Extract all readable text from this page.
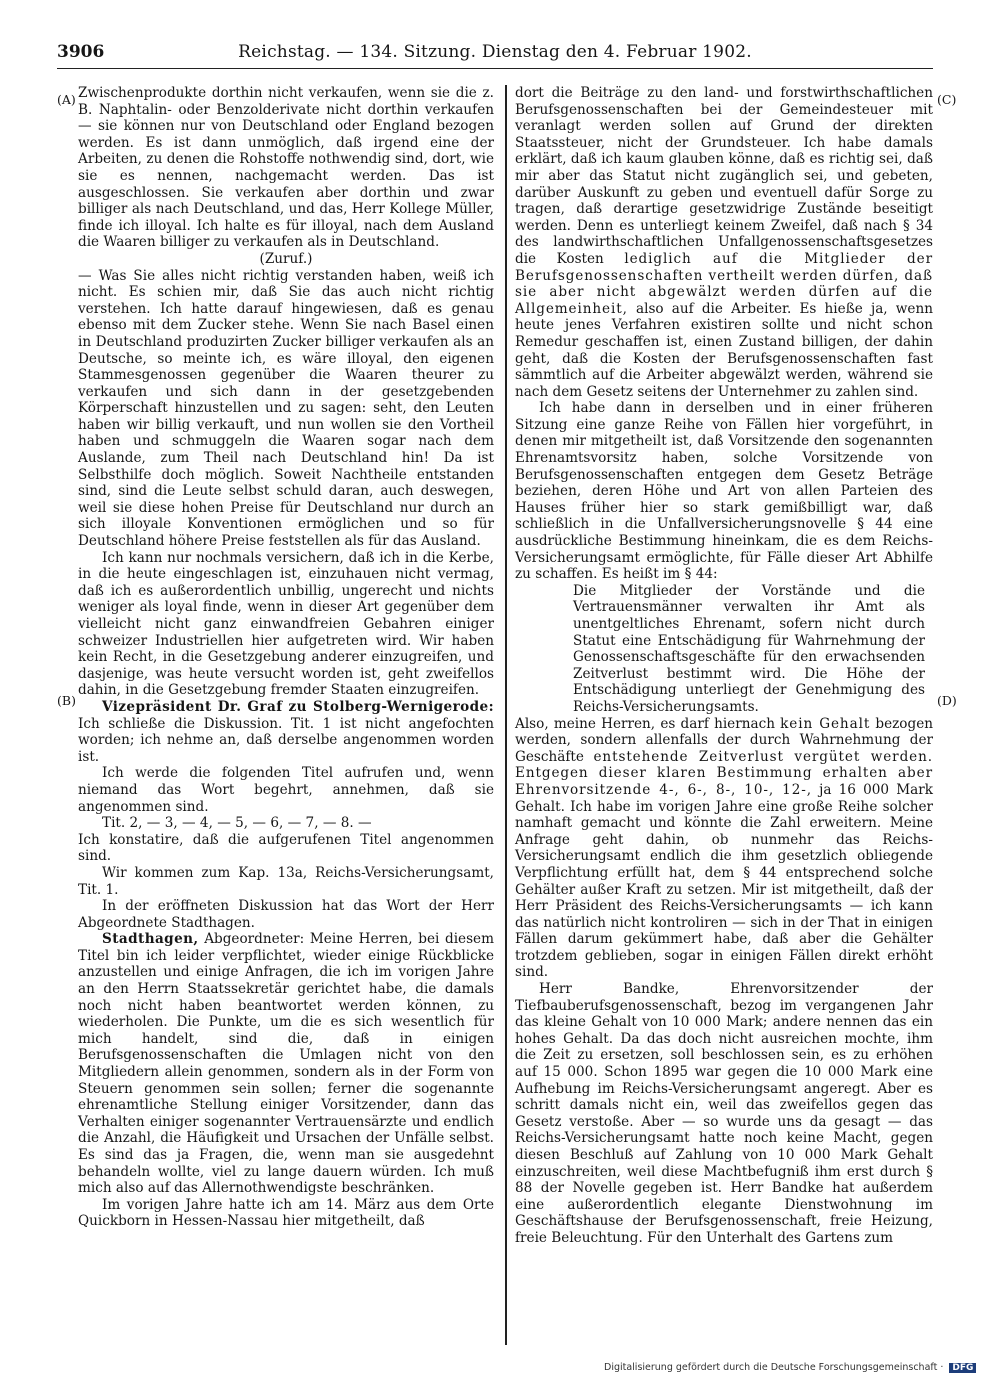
3906	Reichstag. — 134. Sitzung. Dienstag den 4. Februar 1902.
(A)
(B)
(C)
(D)

Zwischenprodukte dorthin nicht verkaufen, wenn sie die z. B. Naphtalin- oder Benzolderivate nicht dorthin verkaufen — sie können nur von Deutschland oder England bezogen werden. Es ist dann unmöglich, daß irgend eine der Arbeiten, zu denen die Rohstoffe nothwendig sind, dort, wie sie es nennen, nachgemacht werden. Das ist ausgeschlossen. Sie verkaufen aber dorthin und zwar billiger als nach Deutschland, und das, Herr Kollege Müller, finde ich illoyal. Ich halte es für illoyal, nach dem Ausland die Waaren billiger zu verkaufen als in Deutschland.

(Zuruf.)

— Was Sie alles nicht richtig verstanden haben, weiß ich nicht. Es schien mir, daß Sie das auch nicht richtig verstehen. Ich hatte darauf hingewiesen, daß es genau ebenso mit dem Zucker stehe. Wenn Sie nach Basel einen in Deutschland produzirten Zucker billiger verkaufen als an Deutsche, so meinte ich, es wäre illoyal, den eigenen Stammesgenossen gegenüber die Waaren theurer zu verkaufen und sich dann in der gesetzgebenden Körperschaft hinzustellen und zu sagen: seht, den Leuten haben wir billig verkauft, und nun wollen sie den Vortheil haben und schmuggeln die Waaren sogar nach dem Auslande, zum Theil nach Deutschland hin! Da ist Selbsthilfe doch möglich. Soweit Nachtheile entstanden sind, sind die Leute selbst schuld daran, auch deswegen, weil sie diese hohen Preise für Deutschland nur durch an sich illoyale Konventionen ermöglichen und so für Deutschland höhere Preise feststellen als für das Ausland.

Ich kann nur nochmals versichern, daß ich in die Kerbe, in die heute eingeschlagen ist, einzuhauen nicht vermag, daß ich es außerordentlich unbillig, ungerecht und nichts weniger als loyal finde, wenn in dieser Art gegenüber dem vielleicht nicht ganz einwandfreien Gebahren einiger schweizer Industriellen hier aufgetreten wird. Wir haben kein Recht, in die Gesetzgebung anderer einzugreifen, und dasjenige, was heute versucht worden ist, geht zweifellos dahin, in die Gesetzgebung fremder Staaten einzugreifen.

Vizepräsident Dr. Graf zu Stolberg-Wernigerode: Ich schließe die Diskussion. Tit. 1 ist nicht angefochten worden; ich nehme an, daß derselbe angenommen worden ist.

Ich werde die folgenden Titel aufrufen und, wenn niemand das Wort begehrt, annehmen, daß sie angenommen sind.

Tit. 2, — 3, — 4, — 5, — 6, — 7, — 8. —

Ich konstatire, daß die aufgerufenen Titel angenommen sind.

Wir kommen zum Kap. 13a, Reichs-Versicherungsamt, Tit. 1.

In der eröffneten Diskussion hat das Wort der Herr Abgeordnete Stadthagen.

Stadthagen, Abgeordneter: Meine Herren, bei diesem Titel bin ich leider verpflichtet, wieder einige Rückblicke anzustellen und einige Anfragen, die ich im vorigen Jahre an den Herrn Staatssekretär gerichtet habe, die damals noch nicht haben beantwortet werden können, zu wiederholen. Die Punkte, um die es sich wesentlich für mich handelt, sind die, daß in einigen Berufsgenossenschaften die Umlagen nicht von den Mitgliedern allein genommen, sondern als in der Form von Steuern genommen sein sollen; ferner die sogenannte ehrenamtliche Stellung einiger Vorsitzender, dann das Verhalten einiger sogenannter Vertrauensärzte und endlich die Anzahl, die Häufigkeit und Ursachen der Unfälle selbst. Es sind das ja Fragen, die, wenn man sie ausgedehnt behandeln wollte, viel zu lange dauern würden. Ich muß mich also auf das Allernothwendigste beschränken.

Im vorigen Jahre hatte ich am 14. März aus dem Orte Quickborn in Hessen-Nassau hier mitgetheilt, daß

dort die Beiträge zu den land- und forstwirthschaftlichen Berufsgenossenschaften bei der Gemeindesteuer mit veranlagt werden sollen auf Grund der direkten Staatssteuer, nicht der Grundsteuer. Ich habe damals erklärt, daß ich kaum glauben könne, daß es richtig sei, daß mir aber das Statut nicht zugänglich sei, und gebeten, darüber Auskunft zu geben und eventuell dafür Sorge zu tragen, daß derartige gesetzwidrige Zustände beseitigt werden. Denn es unterliegt keinem Zweifel, daß nach § 34 des landwirthschaftlichen Unfallgenossenschaftsgesetzes die Kosten lediglich auf die Mitglieder der Berufsgenossenschaften vertheilt werden dürfen, daß sie aber nicht abgewälzt werden dürfen auf die Allgemeinheit, also auf die Arbeiter. Es hieße ja, wenn heute jenes Verfahren existiren sollte und nicht schon Remedur geschaffen ist, einen Zustand billigen, der dahin geht, daß die Kosten der Berufsgenossenschaften fast sämmtlich auf die Arbeiter abgewälzt werden, während sie nach dem Gesetz seitens der Unternehmer zu zahlen sind.

Ich habe dann in derselben und in einer früheren Sitzung eine ganze Reihe von Fällen hier vorgeführt, in denen mir mitgetheilt ist, daß Vorsitzende den sogenannten Ehrenamtsvorsitz haben, solche Vorsitzende von Berufsgenossenschaften entgegen dem Gesetz Beträge beziehen, deren Höhe und Art von allen Parteien des Hauses früher hier so stark gemißbilligt war, daß schließlich in die Unfallversicherungsnovelle § 44 eine ausdrückliche Bestimmung hineinkam, die es dem Reichs-Versicherungsamt ermöglichte, für Fälle dieser Art Abhilfe zu schaffen. Es heißt im § 44:

Die Mitglieder der Vorstände und die Vertrauensmänner verwalten ihr Amt als unentgeltliches Ehrenamt, sofern nicht durch Statut eine Entschädigung für Wahrnehmung der Genossenschaftsgeschäfte für den erwachsenden Zeitverlust bestimmt wird. Die Höhe der Entschädigung unterliegt der Genehmigung des Reichs-Versicherungsamts.

Also, meine Herren, es darf hiernach kein Gehalt bezogen werden, sondern allenfalls der durch Wahrnehmung der Geschäfte entstehende Zeitverlust vergütet werden. Entgegen dieser klaren Bestimmung erhalten aber Ehrenvorsitzende 4-, 6-, 8-, 10-, 12-, ja 16 000 Mark Gehalt. Ich habe im vorigen Jahre eine große Reihe solcher namhaft gemacht und könnte die Zahl erweitern. Meine Anfrage geht dahin, ob nunmehr das Reichs-Versicherungsamt endlich die ihm gesetzlich obliegende Verpflichtung erfüllt hat, dem § 44 entsprechend solche Gehälter außer Kraft zu setzen. Mir ist mitgetheilt, daß der Herr Präsident des Reichs-Versicherungsamts — ich kann das natürlich nicht kontroliren — sich in der That in einigen Fällen darum gekümmert habe, daß aber die Gehälter trotzdem geblieben, sogar in einigen Fällen direkt erhöht sind.

Herr Bandke, Ehrenvorsitzender der Tiefbauberufsgenossenschaft, bezog im vergangenen Jahr das kleine Gehalt von 10 000 Mark; andere nennen das ein hohes Gehalt. Da das doch nicht ausreichen mochte, ihm die Zeit zu ersetzen, soll beschlossen sein, es zu erhöhen auf 15 000. Schon 1895 war gegen die 10 000 Mark eine Aufhebung im Reichs-Versicherungsamt angeregt. Aber es schritt damals nicht ein, weil das zweifellos gegen das Gesetz verstoße. Aber — so wurde uns da gesagt — das Reichs-Versicherungsamt hatte noch keine Macht, gegen diesen Beschluß auf Zahlung von 10 000 Mark Gehalt einzuschreiten, weil diese Machtbefugniß ihm erst durch § 88 der Novelle gegeben ist. Herr Bandke hat außerdem eine außerordentlich elegante Dienstwohnung im Geschäftshause der Berufsgenossenschaft, freie Heizung, freie Beleuchtung. Für den Unterhalt des Gartens zum

Digitalisierung gefördert durch die Deutsche Forschungsgemeinschaft · DFG
